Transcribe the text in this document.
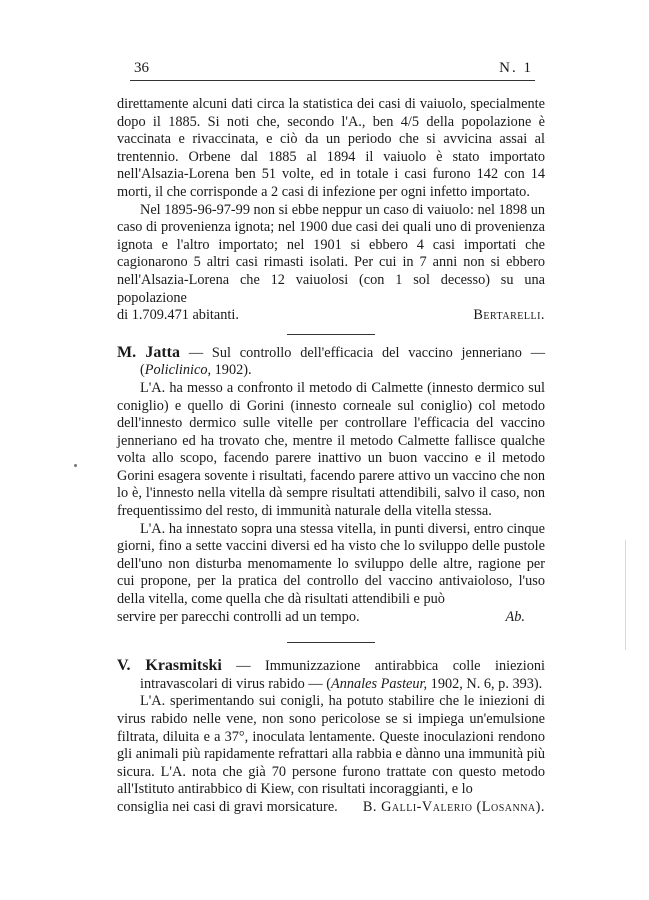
36	N. 1

direttamente alcuni dati circa la statistica dei casi di vaiuolo, specialmente dopo il 1885. Si noti che, secondo l'A., ben 4/5 della popolazione è vaccinata e rivaccinata, e ciò da un periodo che si avvicina assai al trentennio. Orbene dal 1885 al 1894 il vaiuolo è stato importato nell'Alsazia-Lorena ben 51 volte, ed in totale i casi furono 142 con 14 morti, il che corrisponde a 2 casi di infezione per ogni infetto importato.

Nel 1895-96-97-99 non si ebbe neppur un caso di vaiuolo: nel 1898 un caso di provenienza ignota; nel 1900 due casi dei quali uno di provenienza ignota e l'altro importato; nel 1901 si ebbero 4 casi importati che cagionarono 5 altri casi rimasti isolati. Per cui in 7 anni non si ebbero nell'Alsazia-Lorena che 12 vaiuolosi (con 1 sol decesso) su una popolazione

di 1.709.471 abitanti.	Bertarelli.

M. Jatta — Sul controllo dell'efficacia del vaccino jenneriano — (Policlinico, 1902).

L'A. ha messo a confronto il metodo di Calmette (innesto dermico sul coniglio) e quello di Gorini (innesto corneale sul coniglio) col metodo dell'innesto dermico sulle vitelle per controllare l'efficacia del vaccino jenneriano ed ha trovato che, mentre il metodo Calmette fallisce qualche volta allo scopo, facendo parere inattivo un buon vaccino e il metodo Gorini esagera sovente i risultati, facendo parere attivo un vaccino che non lo è, l'innesto nella vitella dà sempre risultati attendibili, salvo il caso, non frequentissimo del resto, di immunità naturale della vitella stessa.

L'A. ha innestato sopra una stessa vitella, in punti diversi, entro cinque giorni, fino a sette vaccini diversi ed ha visto che lo sviluppo delle pustole dell'uno non disturba menomamente lo sviluppo delle altre, ragione per cui propone, per la pratica del controllo del vaccino antivaioloso, l'uso della vitella, come quella che dà risultati attendibili e può

servire per parecchi controlli ad un tempo.	Ab.

V. Krasmitski — Immunizzazione antirabbica colle iniezioni intravascolari di virus rabido — (Annales Pasteur, 1902, N. 6, p. 393).

L'A. sperimentando sui conigli, ha potuto stabilire che le iniezioni di virus rabido nelle vene, non sono pericolose se si impiega un'emulsione filtrata, diluita e a 37°, inoculata lentamente. Queste inoculazioni rendono gli animali più rapidamente refrattari alla rabbia e dànno una immunità più sicura. L'A. nota che già 70 persone furono trattate con questo metodo all'Istituto antirabbico di Kiew, con risultati incoraggianti, e lo

consiglia nei casi di gravi morsicature. B. Galli-Valerio (Losanna).
